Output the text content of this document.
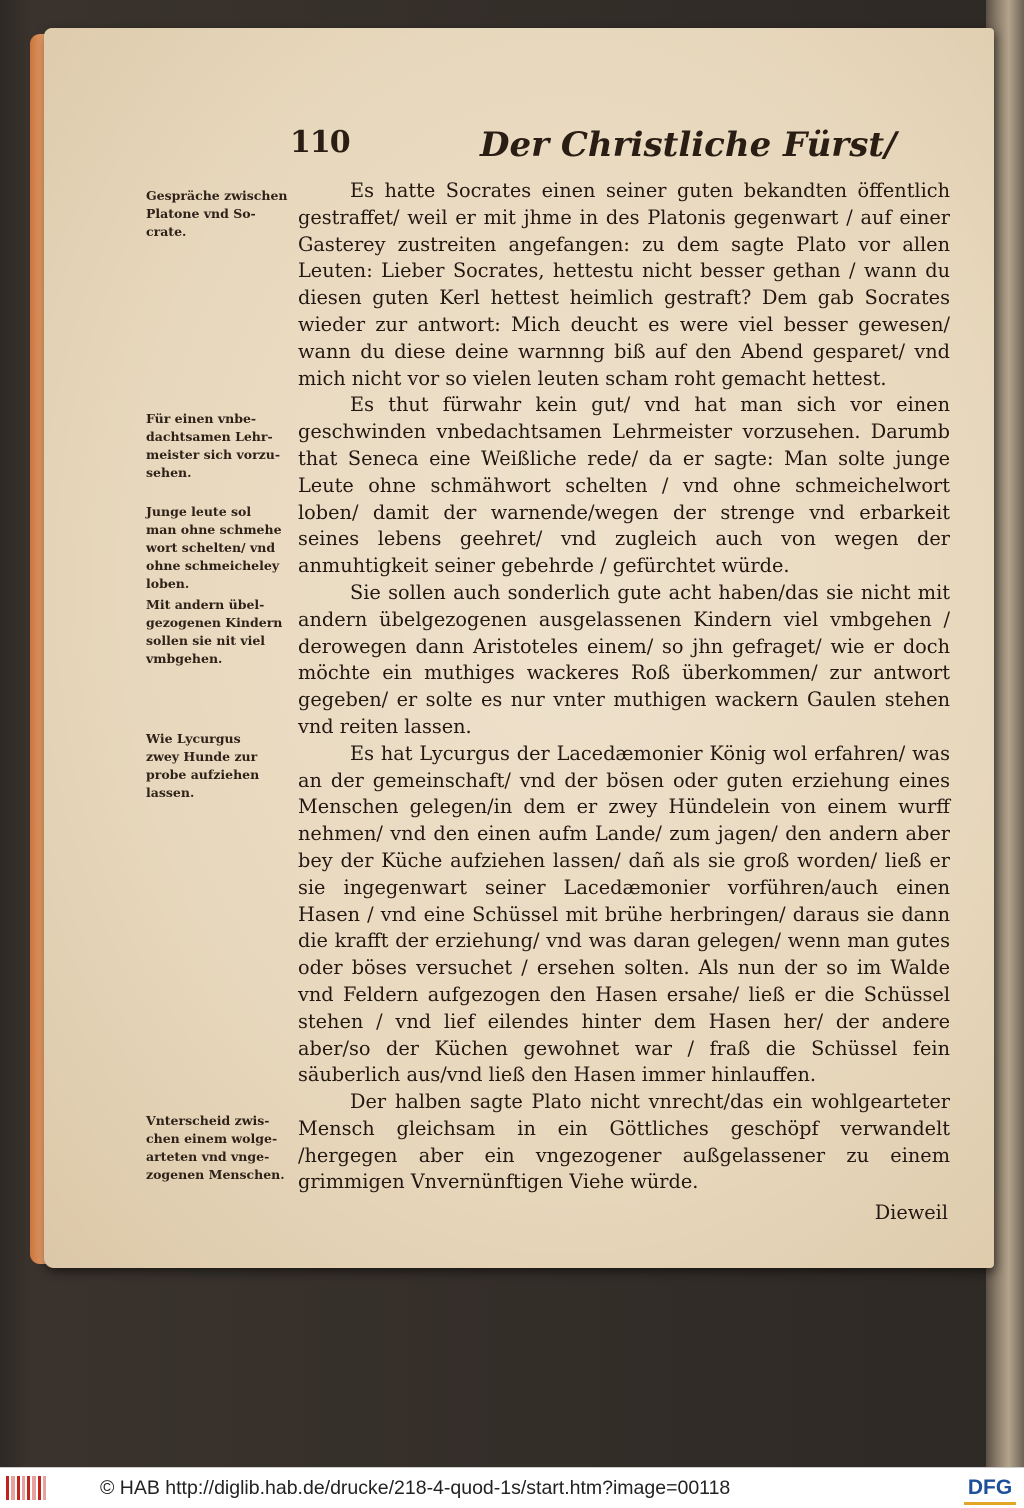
110	Der Christliche Fürst/
Gespräche zwischen
Platone vnd So-
crate.
Für einen vnbe-
dachtsamen Lehr-
meister sich vorzu-
sehen.
Junge leute sol
man ohne schmehe
wort schelten/ vnd
ohne schmeicheley
loben.
Mit andern übel-
gezogenen Kindern
sollen sie nit viel
vmbgehen.
Wie Lycurgus
zwey Hunde zur
probe aufziehen
lassen.
Vnterscheid zwis-
chen einem wolge-
arteten vnd vnge-
zogenen Menschen.

Es hatte Socrates einen seiner guten bekandten öffentlich gestraffet/ weil er mit jhme in des Platonis gegenwart / auf einer Gasterey zustreiten angefangen: zu dem sagte Plato vor allen Leuten: Lieber Socrates, hettestu nicht besser gethan / wann du diesen guten Kerl hettest heimlich gestraft? Dem gab Socrates wieder zur antwort: Mich deucht es were viel besser gewesen/ wann du diese deine warnnng biß auf den Abend gesparet/ vnd mich nicht vor so vielen leuten scham roht gemacht hettest.

Es thut fürwahr kein gut/ vnd hat man sich vor einen geschwinden vnbedachtsamen Lehrmeister vorzusehen. Darumb that Seneca eine Weißliche rede/ da er sagte: Man solte junge Leute ohne schmähwort schelten / vnd ohne schmeichelwort loben/ damit der warnende/wegen der strenge vnd erbarkeit seines lebens geehret/ vnd zugleich auch von wegen der anmuhtigkeit seiner gebehrde / gefürchtet würde.

Sie sollen auch sonderlich gute acht haben/das sie nicht mit andern übelgezogenen ausgelassenen Kindern viel vmbgehen / derowegen dann Aristoteles einem/ so jhn gefraget/ wie er doch möchte ein muthiges wackeres Roß überkommen/ zur antwort gegeben/ er solte es nur vnter muthigen wackern Gaulen stehen vnd reiten lassen.

Es hat Lycurgus der Lacedæmonier König wol erfahren/ was an der gemeinschaft/ vnd der bösen oder guten erziehung eines Menschen gelegen/in dem er zwey Hündelein von einem wurff nehmen/ vnd den einen aufm Lande/ zum jagen/ den andern aber bey der Küche aufziehen lassen/ dañ als sie groß worden/ ließ er sie ingegenwart seiner Lacedæmonier vorführen/auch einen Hasen / vnd eine Schüssel mit brühe herbringen/ daraus sie dann die krafft der erziehung/ vnd was daran gelegen/ wenn man gutes oder böses versuchet / ersehen solten. Als nun der so im Walde vnd Feldern aufgezogen den Hasen ersahe/ ließ er die Schüssel stehen / vnd lief eilendes hinter dem Hasen her/ der andere aber/so der Küchen gewohnet war / fraß die Schüssel fein säuberlich aus/vnd ließ den Hasen immer hinlauffen.

Der halben sagte Plato nicht vnrecht/das ein wohlgearteter Mensch gleichsam in ein Göttliches geschöpf verwandelt /hergegen aber ein vngezogener außgelassener zu einem grimmigen Vnvernünftigen Viehe würde.

Dieweil

© HAB http://diglib.hab.de/drucke/218-4-quod-1s/start.htm?image=00118	DFG
